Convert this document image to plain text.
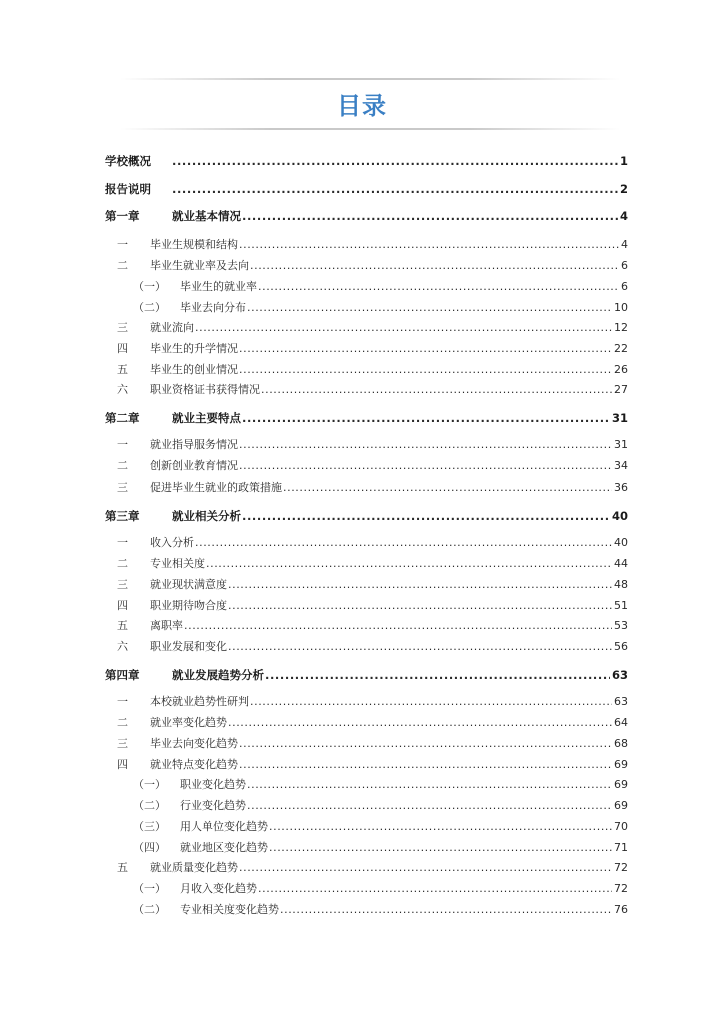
目录
学校概况 .....	1
报告说明 .....	2
第一章	就业基本情况 .....	4
一 毕业生规模和结构 .....	4
二 毕业生就业率及去向 .....	6
（一） 毕业生的就业率 .....	6
（二） 毕业去向分布 .....	10
三 就业流向 .....	12
四 毕业生的升学情况 .....	22
五 毕业生的创业情况 .....	26
六 职业资格证书获得情况 .....	27
第二章	就业主要特点 .....	31
一 就业指导服务情况 .....	31
二 创新创业教育情况 .....	34
三 促进毕业生就业的政策措施 .....	36
第三章	就业相关分析 .....	40
一 收入分析 .....	40
二 专业相关度 .....	44
三 就业现状满意度 .....	48
四 职业期待吻合度 .....	51
五 离职率 .....	53
六 职业发展和变化 .....	56
第四章	就业发展趋势分析 .....	63
一 本校就业趋势性研判 .....	63
二 就业率变化趋势 .....	64
三 毕业去向变化趋势 .....	68
四 就业特点变化趋势 .....	69
（一） 职业变化趋势 .....	69
（二） 行业变化趋势 .....	69
（三） 用人单位变化趋势 .....	70
（四） 就业地区变化趋势 .....	71
五 就业质量变化趋势 .....	72
（一） 月收入变化趋势 .....	72
（二） 专业相关度变化趋势 .....	76
